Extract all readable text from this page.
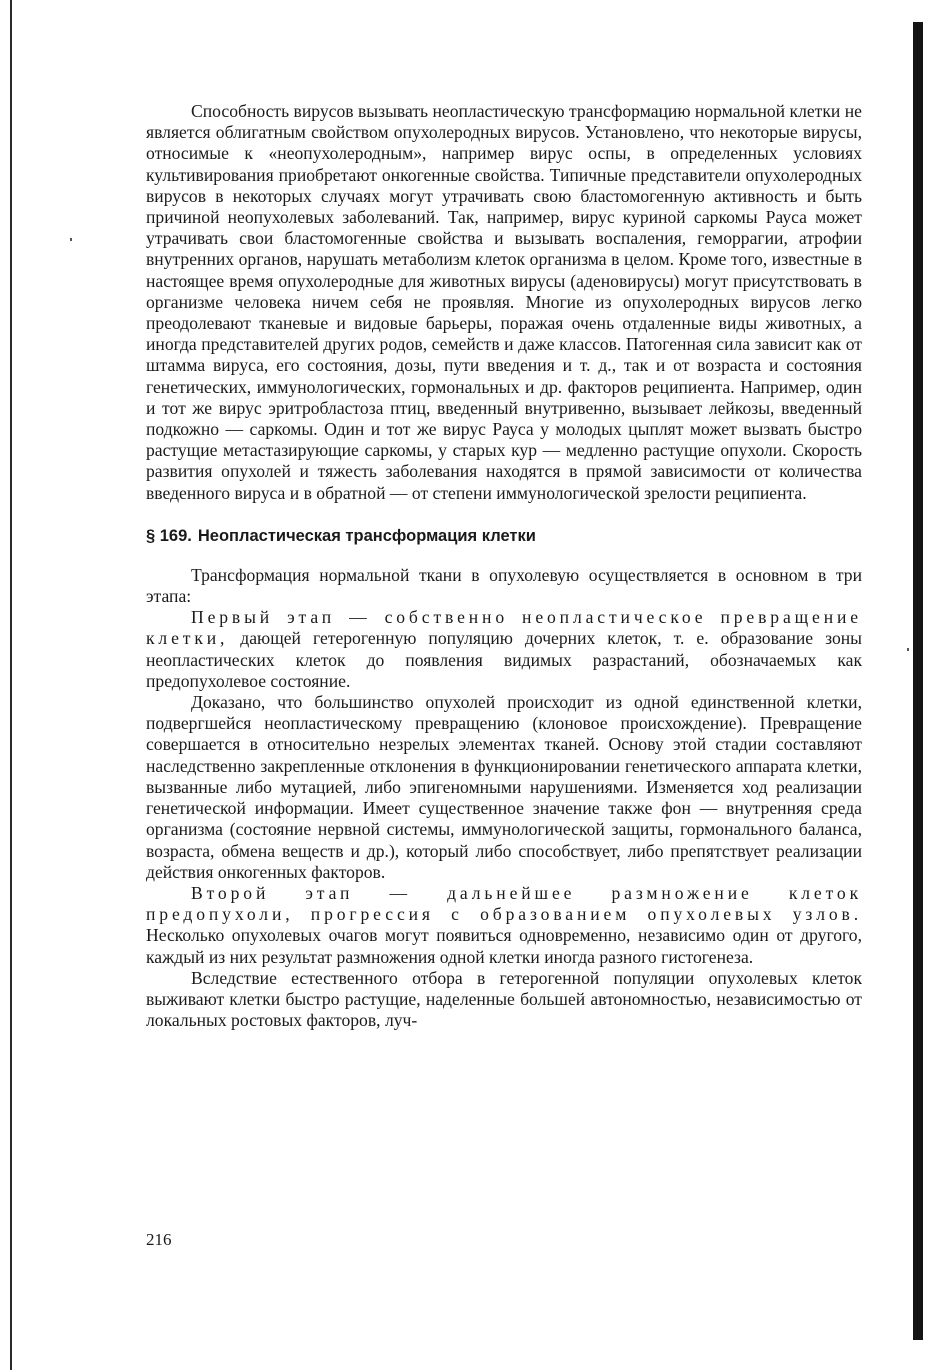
Способность вирусов вызывать неопластическую трансформацию нормальной клетки не является облигатным свойством опухолеродных вирусов. Установлено, что некоторые вирусы, относимые к «неопухолеродным», например вирус оспы, в определенных условиях культивирования приобретают онкогенные свойства. Типичные представители опухолеродных вирусов в некоторых случаях могут утрачивать свою бластомогенную активность и быть причиной неопухолевых заболеваний. Так, например, вирус куриной саркомы Рауса может утрачивать свои бластомогенные свойства и вызывать воспаления, геморрагии, атрофии внутренних органов, нарушать метаболизм клеток организма в целом. Кроме того, известные в настоящее время опухолеродные для животных вирусы (аденовирусы) могут присутствовать в организме человека ничем себя не проявляя. Многие из опухолеродных вирусов легко преодолевают тканевые и видовые барьеры, поражая очень отдаленные виды животных, а иногда представителей других родов, семейств и даже классов. Патогенная сила зависит как от штамма вируса, его состояния, дозы, пути введения и т. д., так и от возраста и состояния генетических, иммунологических, гормональных и др. факторов реципиента. Например, один и тот же вирус эритробластоза птиц, введенный внутривенно, вызывает лейкозы, введенный подкожно — саркомы. Один и тот же вирус Рауса у молодых цыплят может вызвать быстро растущие метастазирующие саркомы, у старых кур — медленно растущие опухоли. Скорость развития опухолей и тяжесть заболевания находятся в прямой зависимости от количества введенного вируса и в обратной — от степени иммунологической зрелости реципиента.

§ 169. Неопластическая трансформация клетки

Трансформация нормальной ткани в опухолевую осуществляется в основном в три этапа:

Первый этап — собственно неопластическое превращение клетки, дающей гетерогенную популяцию дочерних клеток, т. е. образование зоны неопластических клеток до появления видимых разрастаний, обозначаемых как предопухолевое состояние.

Доказано, что большинство опухолей происходит из одной единственной клетки, подвергшейся неопластическому превращению (клоновое происхождение). Превращение совершается в относительно незрелых элементах тканей. Основу этой стадии составляют наследственно закрепленные отклонения в функционировании генетического аппарата клетки, вызванные либо мутацией, либо эпигеномными нарушениями. Изменяется ход реализации генетической информации. Имеет существенное значение также фон — внутренняя среда организма (состояние нервной системы, иммунологической защиты, гормонального баланса, возраста, обмена веществ и др.), который либо способствует, либо препятствует реализации действия онкогенных факторов.

Второй этап — дальнейшее размножение клеток предопухоли, прогрессия с образованием опухолевых узлов. Несколько опухолевых очагов могут появиться одновременно, независимо один от другого, каждый из них результат размножения одной клетки иногда разного гистогенеза.

Вследствие естественного отбора в гетерогенной популяции опухолевых клеток выживают клетки быстро растущие, наделенные большей автономностью, независимостью от локальных ростовых факторов, луч-

216
